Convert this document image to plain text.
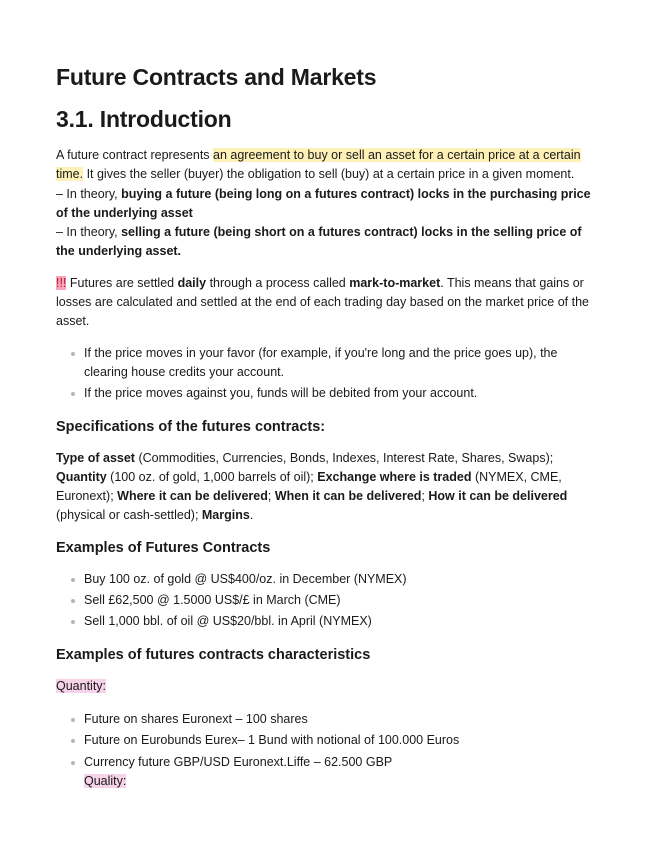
Future Contracts and Markets
3.1. Introduction

A future contract represents an agreement to buy or sell an asset for a certain price at a certain time. It gives the seller (buyer) the obligation to sell (buy) at a certain price in a given moment.
– In theory, buying a future (being long on a futures contract) locks in the purchasing price of the underlying asset
– In theory, selling a future (being short on a futures contract) locks in the selling price of the underlying asset.

!!! Futures are settled daily through a process called mark-to-market. This means that gains or losses are calculated and settled at the end of each trading day based on the market price of the asset.

If the price moves in your favor (for example, if you're long and the price goes up), the clearing house credits your account.
If the price moves against you, funds will be debited from your account.
Specifications of the futures contracts:

Type of asset (Commodities, Currencies, Bonds, Indexes, Interest Rate, Shares, Swaps);
Quantity (100 oz. of gold, 1,000 barrels of oil); Exchange where is traded (NYMEX, CME, Euronext); Where it can be delivered; When it can be delivered; How it can be delivered (physical or cash-settled); Margins.

Examples of Futures Contracts
Buy 100 oz. of gold @ US$400/oz. in December (NYMEX)
Sell £62,500 @ 1.5000 US$/£ in March (CME)
Sell 1,000 bbl. of oil @ US$20/bbl. in April (NYMEX)
Examples of futures contracts characteristics

Quantity:

Future on shares Euronext – 100 shares
Future on Eurobunds Eurex– 1 Bund with notional of 100.000 Euros
Currency future GBP/USD Euronext.Liffe – 62.500 GBP
Quality:
